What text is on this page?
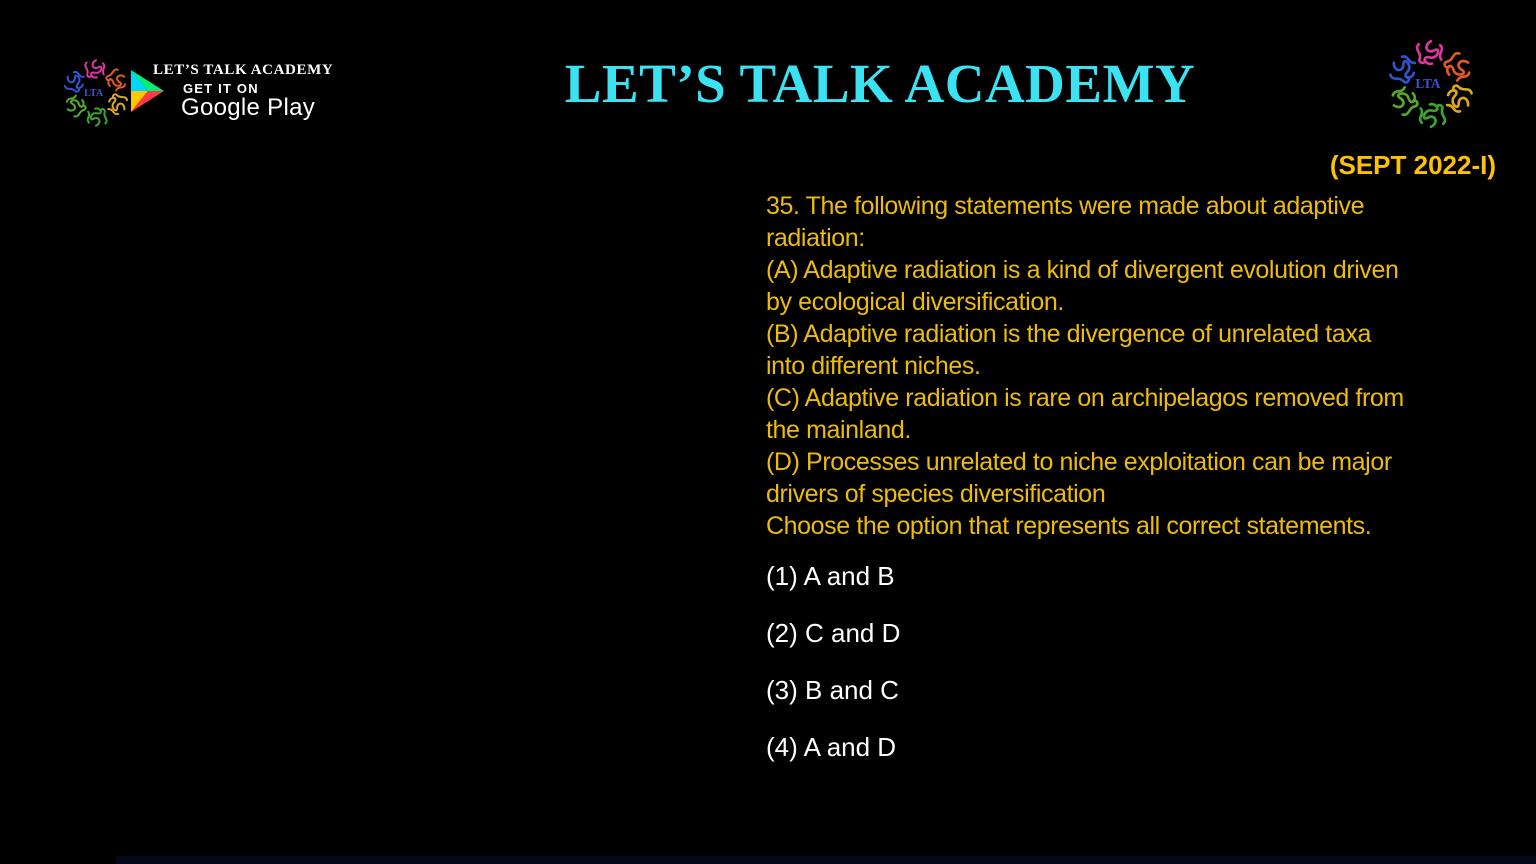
LTA
LET’S TALK ACADEMY
GET IT ON
Google Play	LET’S TALK ACADEMY	LTA
(SEPT 2022-I)
35. The following statements were made about adaptive
radiation:
(A) Adaptive radiation is a kind of divergent evolution driven
by ecological diversification.
(B) Adaptive radiation is the divergence of unrelated taxa
into different niches.
(C) Adaptive radiation is rare on archipelagos removed from
the mainland.
(D) Processes unrelated to niche exploitation can be major
drivers of species diversification
Choose the option that represents all correct statements.
(1) A and B
(2) C and D
(3) B and C
(4) A and D
